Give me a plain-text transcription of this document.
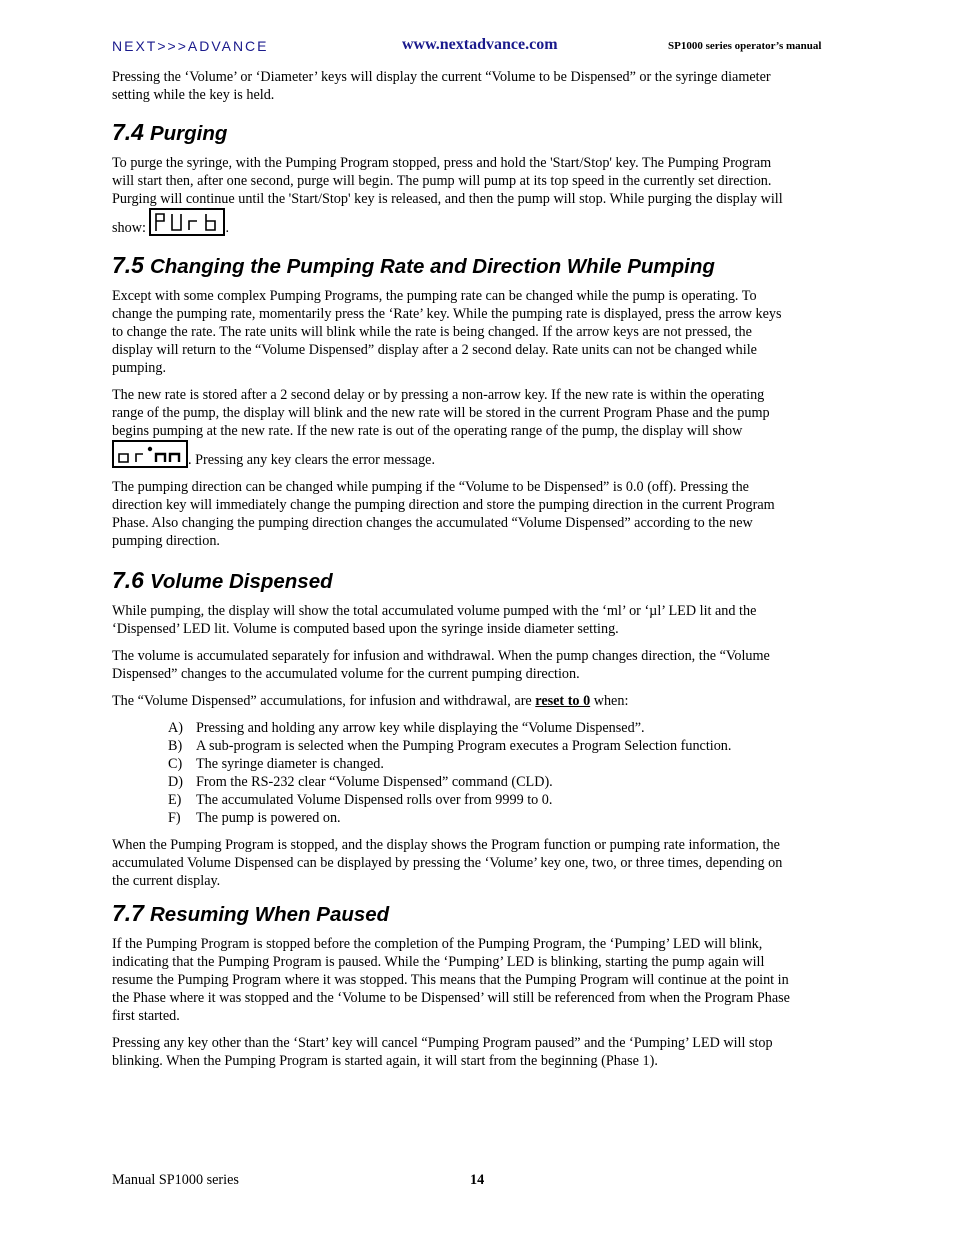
NEXT>>>ADVANCE	www.nextadvance.com	SP1000 series operator’s manual

Pressing the ‘Volume’ or ‘Diameter’ keys will display the current “Volume to be Dispensed” or the syringe diameter setting while the key is held.

7.4 Purging

To purge the syringe, with the Pumping Program stopped, press and hold the 'Start/Stop' key. The Pumping Program will start then, after one second, purge will begin. The pump will pump at its top speed in the currently set direction. Purging will continue until the 'Start/Stop' key is released, and then the pump will stop. While purging the display will show:	.

7.5 Changing the Pumping Rate and Direction While Pumping

Except with some complex Pumping Programs, the pumping rate can be changed while the pump is operating. To change the pumping rate, momentarily press the ‘Rate’ key. While the pumping rate is displayed, press the arrow keys to change the rate. The rate units will blink while the rate is being changed. If the arrow keys are not pressed, the display will return to the “Volume Dispensed” display after a 2 second delay. Rate units can not be changed while pumping.

The new rate is stored after a 2 second delay or by pressing a non-arrow key. If the new rate is within the operating range of the pump, the display will blink and the new rate will be stored in the current Program Phase and the pump begins pumping at the new rate. If the new rate is out of the operating range of the pump, the display will show
. Pressing any key clears the error message.

The pumping direction can be changed while pumping if the “Volume to be Dispensed” is 0.0 (off). Pressing the direction key will immediately change the pumping direction and store the pumping direction in the current Program Phase. Also changing the pumping direction changes the accumulated “Volume Dispensed” according to the new pumping direction.

7.6 Volume Dispensed

While pumping, the display will show the total accumulated volume pumped with the ‘ml’ or ‘µl’ LED lit and the ‘Dispensed’ LED lit. Volume is computed based upon the syringe inside diameter setting.

The volume is accumulated separately for infusion and withdrawal. When the pump changes direction, the “Volume Dispensed” changes to the accumulated volume for the current pumping direction.

The “Volume Dispensed” accumulations, for infusion and withdrawal, are reset to 0 when:

A) Pressing and holding any arrow key while displaying the “Volume Dispensed”.
B) A sub-program is selected when the Pumping Program executes a Program Selection function.
C) The syringe diameter is changed.
D) From the RS-232 clear “Volume Dispensed” command (CLD).
E) The accumulated Volume Dispensed rolls over from 9999 to 0.
F) The pump is powered on.

When the Pumping Program is stopped, and the display shows the Program function or pumping rate information, the accumulated Volume Dispensed can be displayed by pressing the ‘Volume’ key one, two, or three times, depending on the current display.

7.7 Resuming When Paused

If the Pumping Program is stopped before the completion of the Pumping Program, the ‘Pumping’ LED will blink, indicating that the Pumping Program is paused. While the ‘Pumping’ LED is blinking, starting the pump again will resume the Pumping Program where it was stopped. This means that the Pumping Program will continue at the point in the Phase where it was stopped and the ‘Volume to be Dispensed’ will still be referenced from when the Program Phase first started.

Pressing any key other than the ‘Start’ key will cancel “Pumping Program paused” and the ‘Pumping’ LED will stop blinking. When the Pumping Program is started again, it will start from the beginning (Phase 1).

Manual SP1000 series	14
